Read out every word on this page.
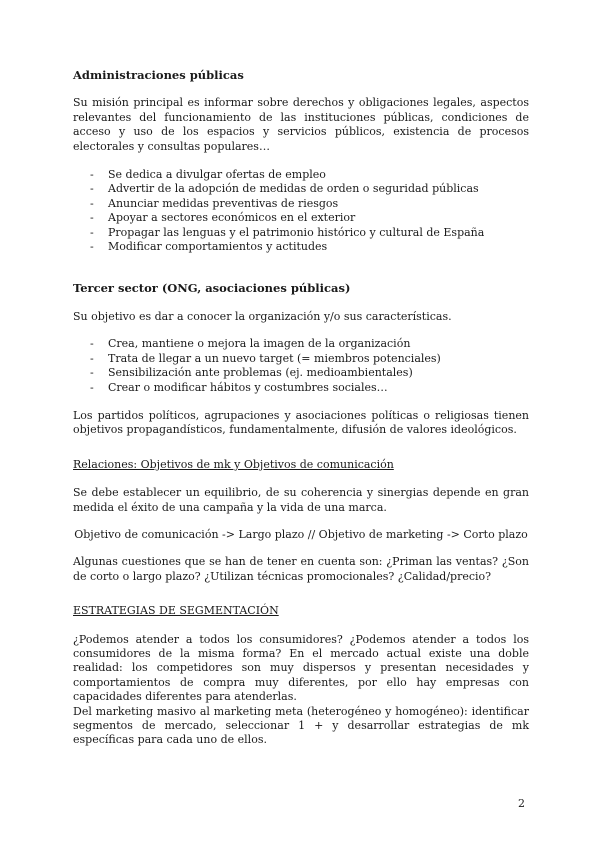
Administraciones públicas

Su misión principal es informar sobre derechos y obligaciones legales, aspectos relevantes del funcionamiento de las instituciones públicas, condiciones de acceso y uso de los espacios y servicios públicos, existencia de procesos electorales y consultas populares…

- Se dedica a divulgar ofertas de empleo
- Advertir de la adopción de medidas de orden o seguridad públicas
- Anunciar medidas preventivas de riesgos
- Apoyar a sectores económicos en el exterior
- Propagar las lenguas y el patrimonio histórico y cultural de España
- Modificar comportamientos y actitudes
Tercer sector (ONG, asociaciones públicas)

Su objetivo es dar a conocer la organización y/o sus características.

- Crea, mantiene o mejora la imagen de la organización
- Trata de llegar a un nuevo target (= miembros potenciales)
- Sensibilización ante problemas (ej. medioambientales)
- Crear o modificar hábitos y costumbres sociales…

Los partidos políticos, agrupaciones y asociaciones políticas o religiosas tienen objetivos propagandísticos, fundamentalmente, difusión de valores ideológicos.

Relaciones: Objetivos de mk y Objetivos de comunicación

Se debe establecer un equilibrio, de su coherencia y sinergias depende en gran medida el éxito de una campaña y la vida de una marca.

Objetivo de comunicación -> Largo plazo // Objetivo de marketing -> Corto plazo

Algunas cuestiones que se han de tener en cuenta son: ¿Priman las ventas? ¿Son de corto o largo plazo? ¿Utilizan técnicas promocionales? ¿Calidad/precio?

ESTRATEGIAS DE SEGMENTACIÓN

¿Podemos atender a todos los consumidores? ¿Podemos atender a todos los consumidores de la misma forma? En el mercado actual existe una doble realidad: los competidores son muy dispersos y presentan necesidades y comportamientos de compra muy diferentes, por ello hay empresas con capacidades diferentes para atenderlas.

Del marketing masivo al marketing meta (heterogéneo y homogéneo): identificar segmentos de mercado, seleccionar 1 + y desarrollar estrategias de mk específicas para cada uno de ellos.

2
